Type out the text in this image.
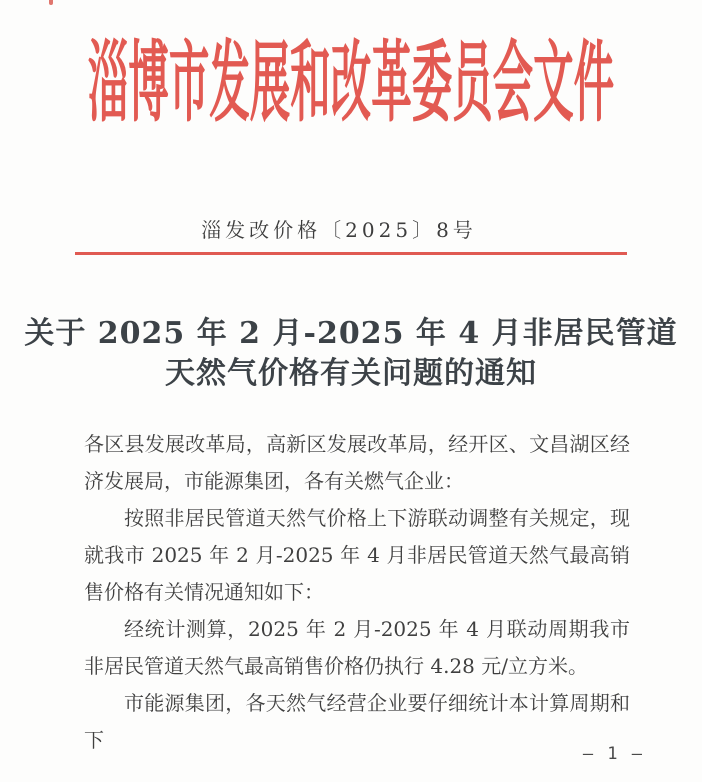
淄博市发展和改革委员会文件
淄发改价格〔2025〕8号
关于 2025 年 2 月-2025 年 4 月非居民管道
天然气价格有关问题的通知

各区县发展改革局，高新区发展改革局，经开区、文昌湖区经济发展局，市能源集团，各有关燃气企业：

按照非居民管道天然气价格上下游联动调整有关规定，现就我市 2025 年 2 月-2025 年 4 月非居民管道天然气最高销售价格有关情况通知如下：

经统计测算，2025 年 2 月-2025 年 4 月联动周期我市非居民管道天然气最高销售价格仍执行 4.28 元/立方米。

市能源集团，各天然气经营企业要仔细统计本计算周期和下

— 1 —
